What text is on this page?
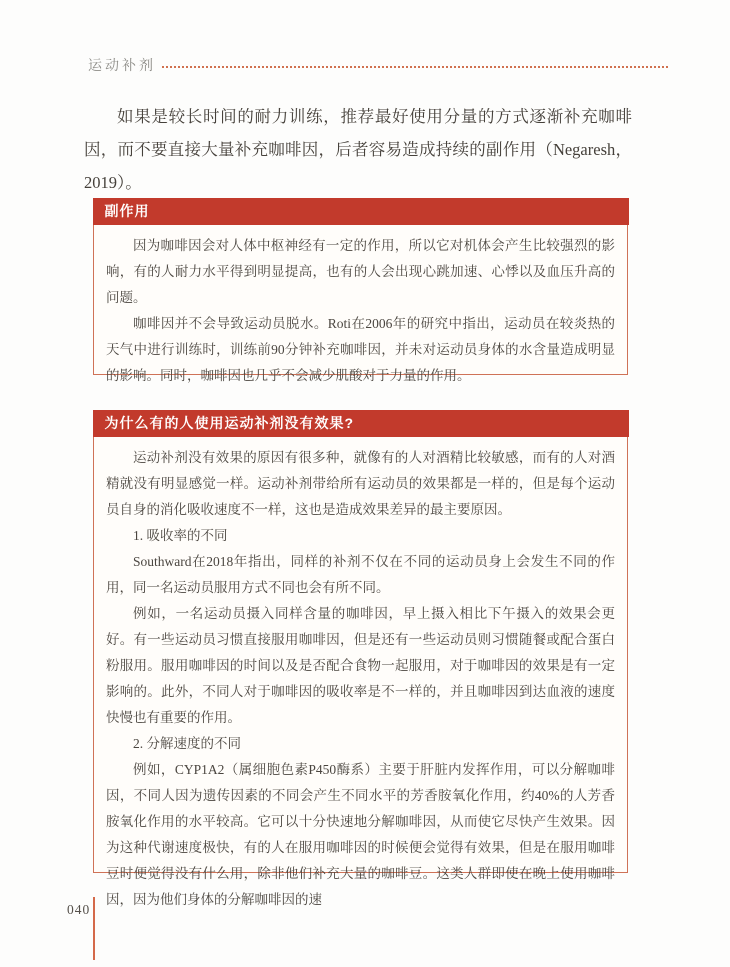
运动补剂

如果是较长时间的耐力训练，推荐最好使用分量的方式逐渐补充咖啡因，而不要直接大量补充咖啡因，后者容易造成持续的副作用（Negaresh，2019）。

副作用

因为咖啡因会对人体中枢神经有一定的作用，所以它对机体会产生比较强烈的影响，有的人耐力水平得到明显提高，也有的人会出现心跳加速、心悸以及血压升高的问题。

咖啡因并不会导致运动员脱水。Roti在2006年的研究中指出，运动员在较炎热的天气中进行训练时，训练前90分钟补充咖啡因，并未对运动员身体的水含量造成明显的影响。同时，咖啡因也几乎不会减少肌酸对于力量的作用。

为什么有的人使用运动补剂没有效果?

运动补剂没有效果的原因有很多种，就像有的人对酒精比较敏感，而有的人对酒精就没有明显感觉一样。运动补剂带给所有运动员的效果都是一样的，但是每个运动员自身的消化吸收速度不一样，这也是造成效果差异的最主要原因。

1. 吸收率的不同

Southward在2018年指出，同样的补剂不仅在不同的运动员身上会发生不同的作用，同一名运动员服用方式不同也会有所不同。

例如，一名运动员摄入同样含量的咖啡因，早上摄入相比下午摄入的效果会更好。有一些运动员习惯直接服用咖啡因，但是还有一些运动员则习惯随餐或配合蛋白粉服用。服用咖啡因的时间以及是否配合食物一起服用，对于咖啡因的效果是有一定影响的。此外，不同人对于咖啡因的吸收率是不一样的，并且咖啡因到达血液的速度快慢也有重要的作用。

2. 分解速度的不同

例如，CYP1A2（属细胞色素P450酶系）主要于肝脏内发挥作用，可以分解咖啡因，不同人因为遗传因素的不同会产生不同水平的芳香胺氧化作用，约40%的人芳香胺氧化作用的水平较高。它可以十分快速地分解咖啡因，从而使它尽快产生效果。因为这种代谢速度极快，有的人在服用咖啡因的时候便会觉得有效果，但是在服用咖啡豆时便觉得没有什么用，除非他们补充大量的咖啡豆。这类人群即使在晚上使用咖啡因，因为他们身体的分解咖啡因的速

040
